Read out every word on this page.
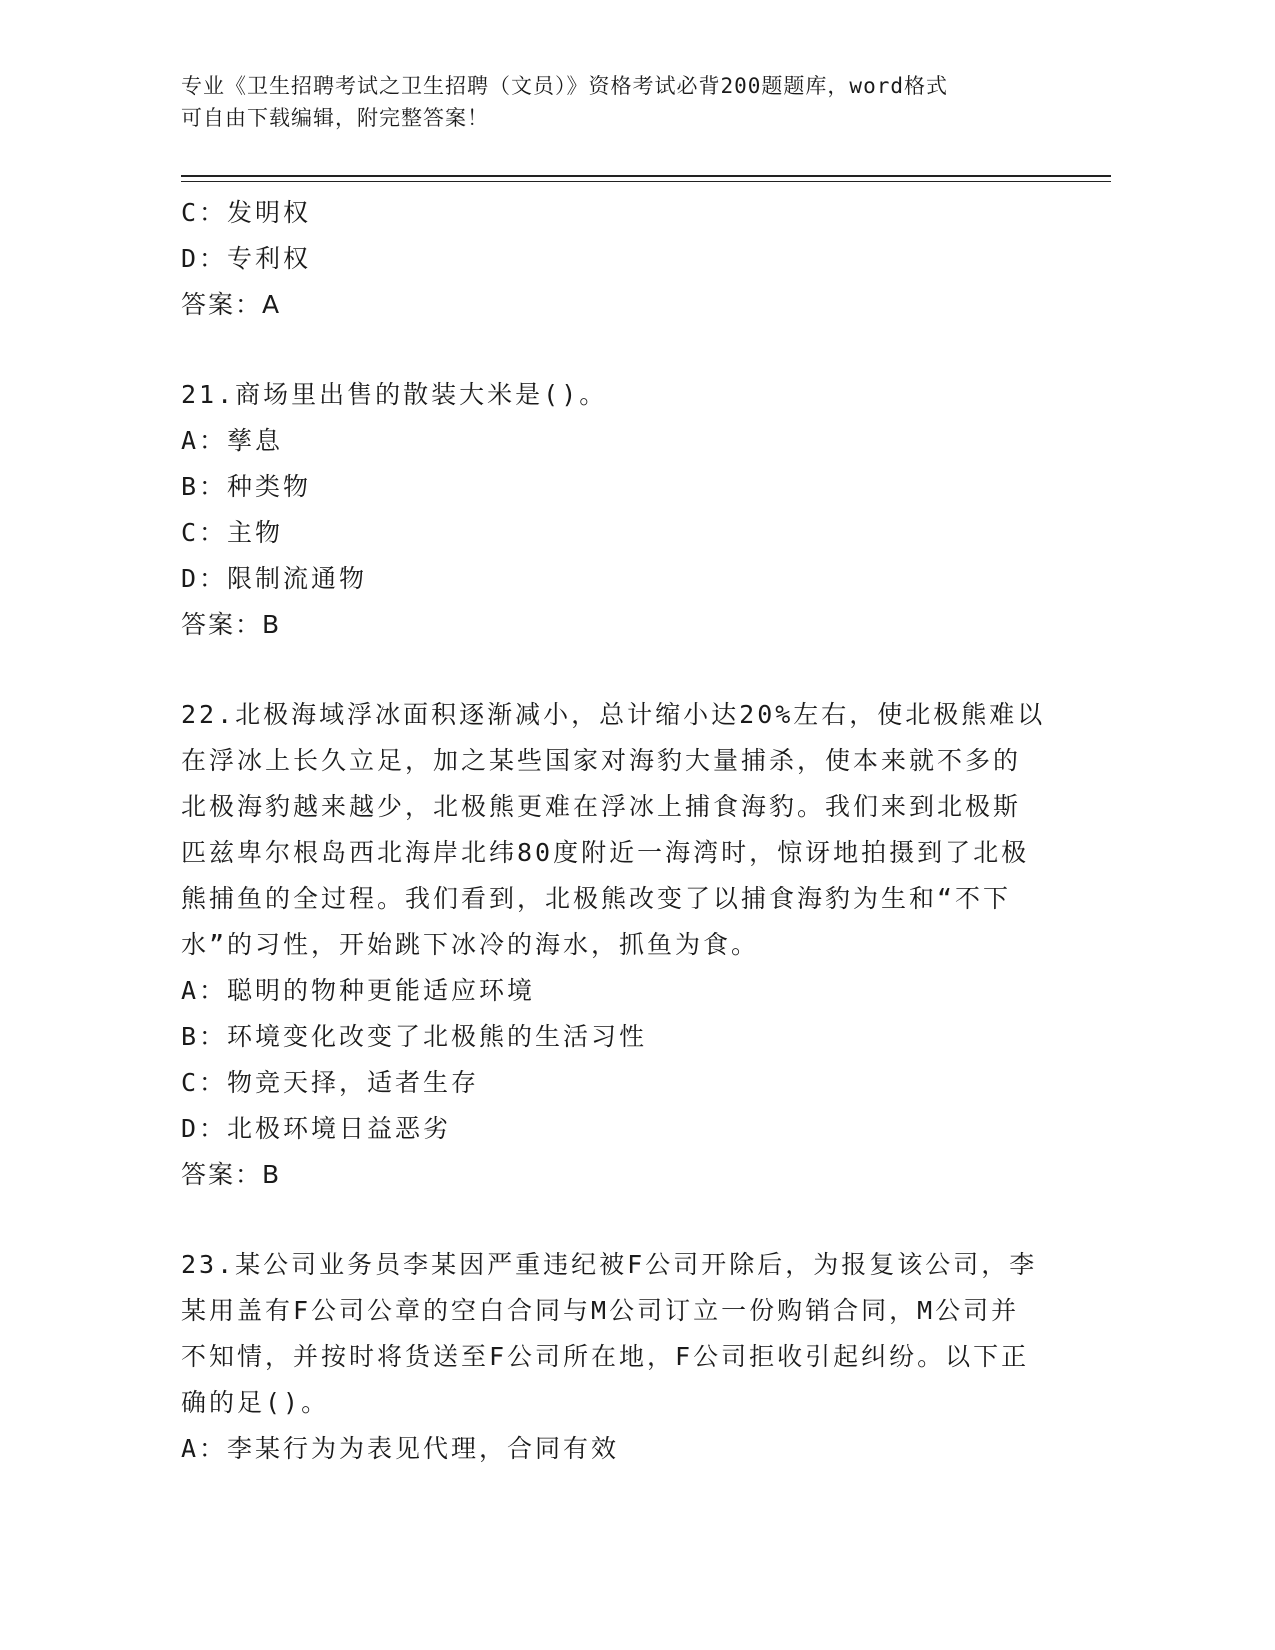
专业《卫生招聘考试之卫生招聘（文员）》资格考试必背200题题库，word格式
可自由下载编辑，附完整答案！
C：发明权
D：专利权
答案：A
21.商场里出售的散装大米是()。
A：孳息
B：种类物
C：主物
D：限制流通物
答案：B
22.北极海域浮冰面积逐渐减小，总计缩小达20%左右，使北极熊难以
在浮冰上长久立足，加之某些国家对海豹大量捕杀，使本来就不多的
北极海豹越来越少，北极熊更难在浮冰上捕食海豹。我们来到北极斯
匹兹卑尔根岛西北海岸北纬80度附近一海湾时，惊讶地拍摄到了北极
熊捕鱼的全过程。我们看到，北极熊改变了以捕食海豹为生和“不下
水”的习性，开始跳下冰冷的海水，抓鱼为食。
A：聪明的物种更能适应环境
B：环境变化改变了北极熊的生活习性
C：物竞天择，适者生存
D：北极环境日益恶劣
答案：B
23.某公司业务员李某因严重违纪被F公司开除后，为报复该公司，李
某用盖有F公司公章的空白合同与M公司订立一份购销合同，M公司并
不知情，并按时将货送至F公司所在地，F公司拒收引起纠纷。以下正
确的足()。
A：李某行为为表见代理，合同有效
